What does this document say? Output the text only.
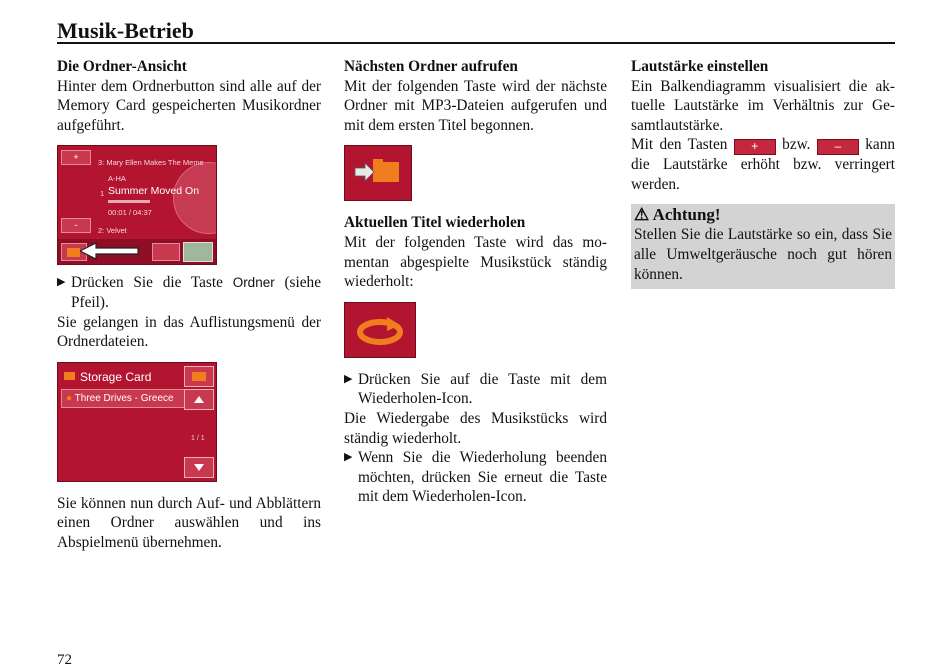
Musik-Betrieb
Die Ordner-Ansicht

Hinter dem Ordnerbutton sind alle auf der Memory Card gespeicherten Musikordner aufgeführt.

+
3: Mary Ellen Makes The Meme
A-HA
1 Summer Moved On
00:01 / 04:37
-
2: Velvet
▶ Drücken Sie die Taste Ordner (siehe Pfeil).

Sie gelangen in das Auflistungsmenü der Ordnerdateien.

Storage Card
● Three Drives - Greece
1 / 1

Sie können nun durch Auf- und Abblättern einen Ordner auswählen und ins Abspielmenü übernehmen.

Nächsten Ordner aufrufen

Mit der folgenden Taste wird der nächste Ordner mit MP3-Dateien aufgerufen und mit dem ersten Titel begonnen.

Aktuellen Titel wiederholen

Mit der folgenden Taste wird das momentan abgespielte Musikstück ständig wiederholt:

▶ Drücken Sie auf die Taste mit dem Wiederholen-Icon.

Die Wiedergabe des Musikstücks wird ständig wiederholt.

▶ Wenn Sie die Wiederholung beenden möchten, drücken Sie erneut die Taste mit dem Wiederholen-Icon.
Lautstärke einstellen

Ein Balkendiagramm visualisiert die aktuelle Lautstärke im Verhältnis zur Gesamtlautstärke.

Mit den Tasten + bzw. – kann die Lautstärke erhöht bzw. verringert werden.

⚠ Achtung!

Stellen Sie die Lautstärke so ein, dass Sie alle Umweltgeräusche noch gut hören können.

72
